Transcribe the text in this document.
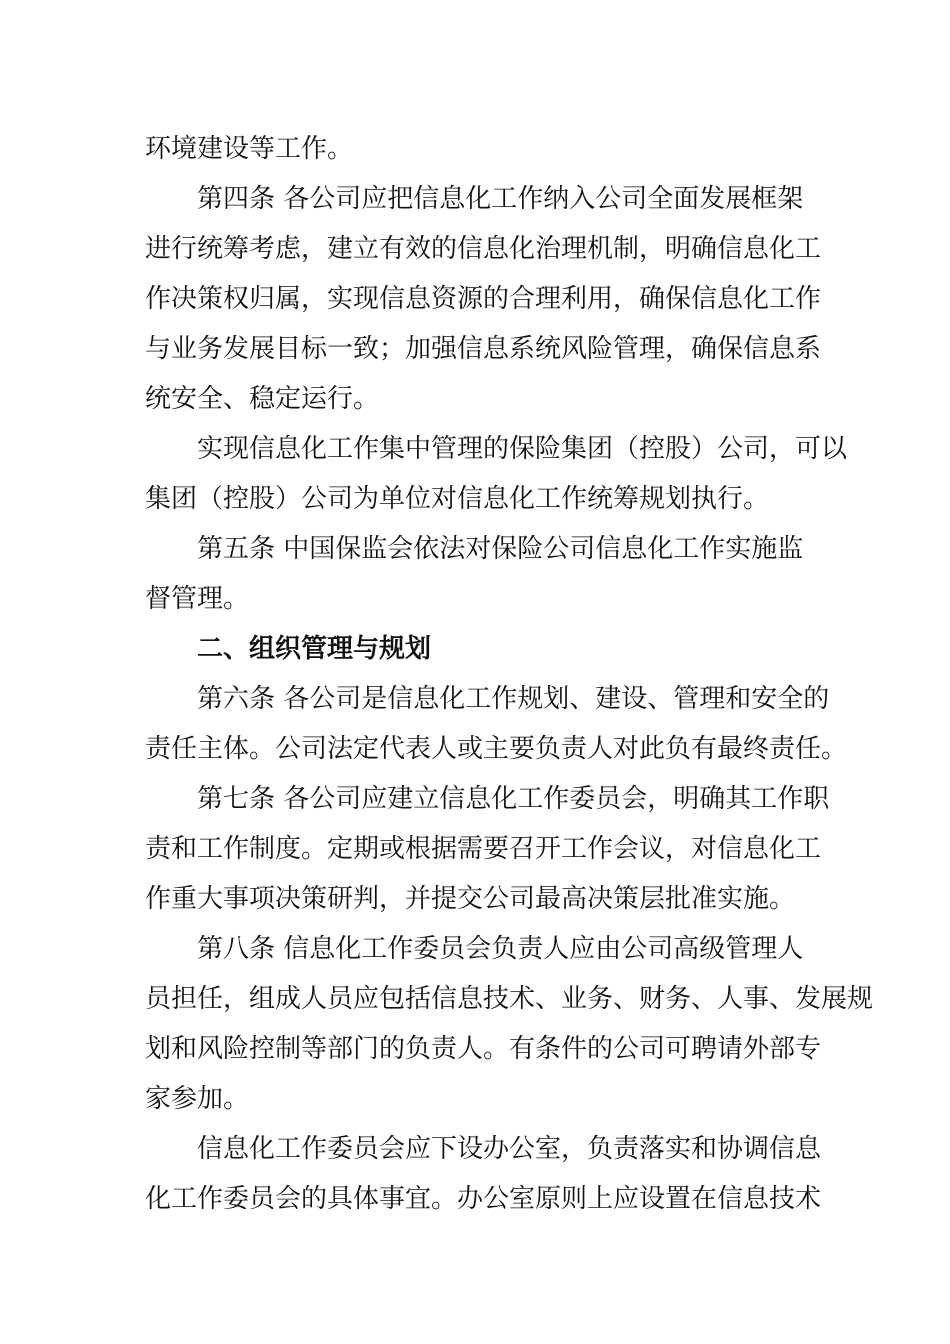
环境建设等工作。
第四条 各公司应把信息化工作纳入公司全面发展框架
进行统筹考虑，建立有效的信息化治理机制，明确信息化工
作决策权归属，实现信息资源的合理利用，确保信息化工作
与业务发展目标一致；加强信息系统风险管理，确保信息系
统安全、稳定运行。
实现信息化工作集中管理的保险集团（控股）公司，可以
集团（控股）公司为单位对信息化工作统筹规划执行。
第五条 中国保监会依法对保险公司信息化工作实施监
督管理。
二、组织管理与规划
第六条 各公司是信息化工作规划、建设、管理和安全的
责任主体。公司法定代表人或主要负责人对此负有最终责任。
第七条 各公司应建立信息化工作委员会，明确其工作职
责和工作制度。定期或根据需要召开工作会议，对信息化工
作重大事项决策研判，并提交公司最高决策层批准实施。
第八条 信息化工作委员会负责人应由公司高级管理人
员担任，组成人员应包括信息技术、业务、财务、人事、发展规
划和风险控制等部门的负责人。有条件的公司可聘请外部专
家参加。
信息化工作委员会应下设办公室，负责落实和协调信息
化工作委员会的具体事宜。办公室原则上应设置在信息技术
